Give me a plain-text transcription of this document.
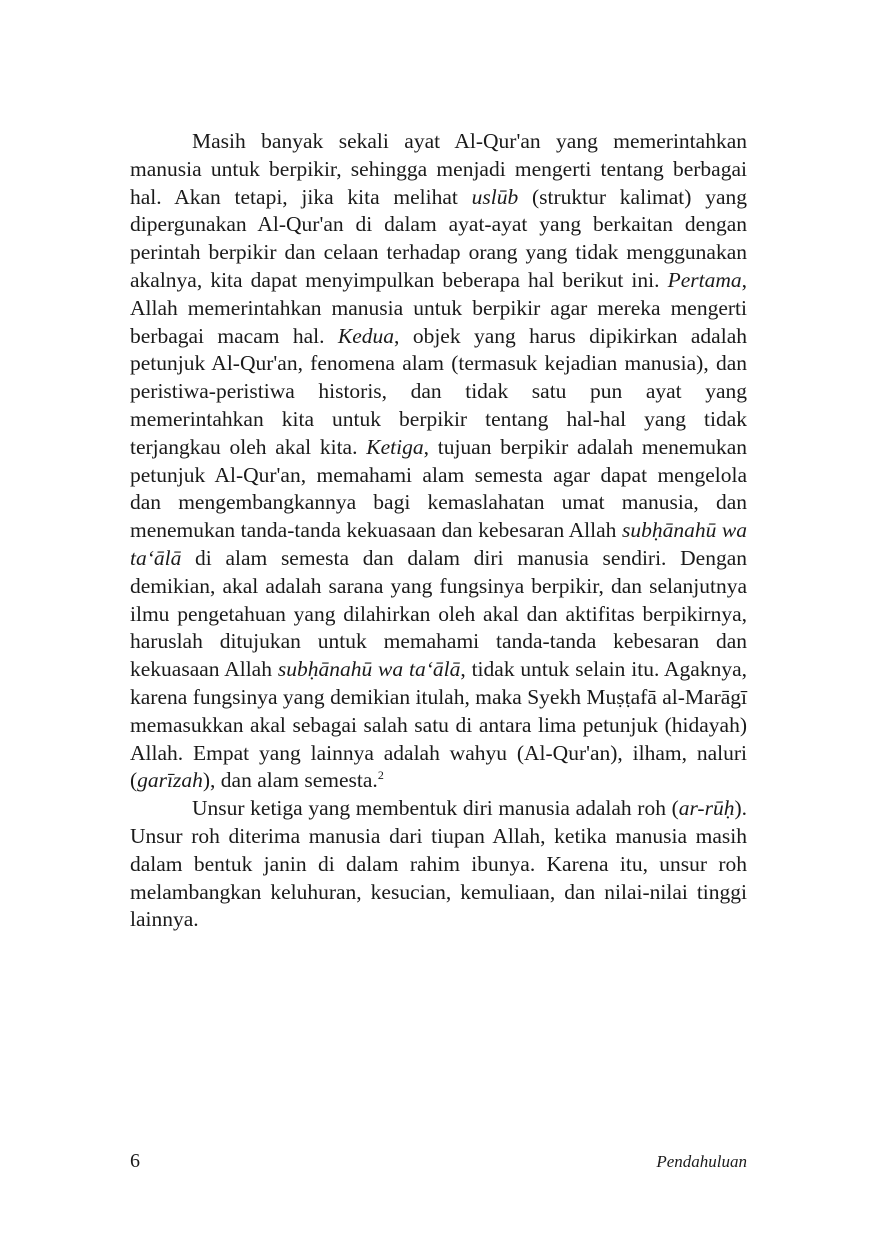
Masih banyak sekali ayat Al-Qur'an yang memerintahkan manusia untuk berpikir, sehingga menjadi mengerti tentang berbagai hal. Akan tetapi, jika kita melihat uslūb (struktur kalimat) yang dipergunakan Al-Qur'an di dalam ayat-ayat yang berkaitan dengan perintah berpikir dan celaan terhadap orang yang tidak menggunakan akalnya, kita dapat menyimpulkan beberapa hal berikut ini. Pertama, Allah memerintahkan manusia untuk berpikir agar mereka mengerti berbagai macam hal. Kedua, objek yang harus dipikirkan adalah petunjuk Al-Qur'an, fenomena alam (termasuk kejadian manusia), dan peristiwa-peristiwa historis, dan tidak satu pun ayat yang memerintahkan kita untuk berpikir tentang hal-hal yang tidak terjangkau oleh akal kita. Ketiga, tujuan berpikir adalah menemukan petunjuk Al-Qur'an, memahami alam semesta agar dapat mengelola dan mengembangkannya bagi kemaslahatan umat manusia, dan menemukan tanda-tanda kekuasaan dan kebesaran Allah subḥānahū wa ta‘ālā di alam semesta dan dalam diri manusia sendiri. Dengan demikian, akal adalah sarana yang fungsinya berpikir, dan selanjutnya ilmu pengetahuan yang dilahirkan oleh akal dan aktifitas berpikirnya, haruslah ditujukan untuk memahami tanda-tanda kebesaran dan kekuasaan Allah subḥānahū wa ta‘ālā, tidak untuk selain itu. Agaknya, karena fungsinya yang demikian itulah, maka Syekh Muṣṭafā al-Marāgī memasukkan akal sebagai salah satu di antara lima petunjuk (hidayah) Allah. Empat yang lainnya adalah wahyu (Al-Qur'an), ilham, naluri (garīzah), dan alam semesta.$^2$

Unsur ketiga yang membentuk diri manusia adalah roh (ar-rūḥ). Unsur roh diterima manusia dari tiupan Allah, ketika manusia masih dalam bentuk janin di dalam rahim ibunya. Karena itu, unsur roh melambangkan keluhuran, kesucian, kemuliaan, dan nilai-nilai tinggi lainnya.

6	Pendahuluan
